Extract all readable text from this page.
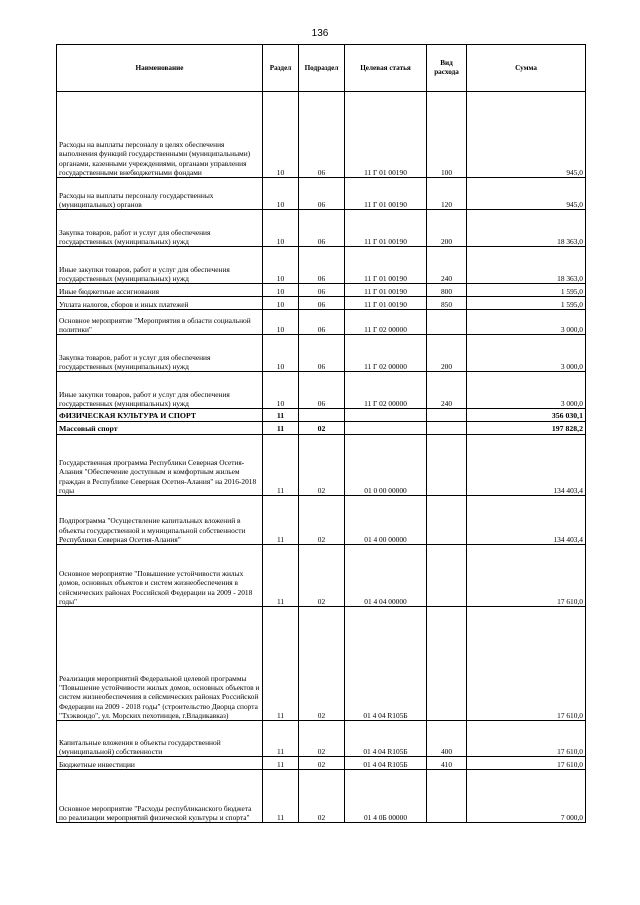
136
Наименование	Раздел	Подраздел	Целевая статья	Вид расхода	Сумма
Расходы на выплаты персоналу в целях обеспечения выполнения функций государственными (муниципальными) органами, казенными учреждениями, органами управления государственными внебюджетными фондами	10	06	11 Г 01 00190	100	945,0
Расходы на выплаты персоналу государственных (муниципальных) органов	10	06	11 Г 01 00190	120	945,0
Закупка товаров, работ и услуг для обеспечения государственных (муниципальных) нужд	10	06	11 Г 01 00190	200	18 363,0
Иные закупки товаров, работ и услуг для обеспечения государственных (муниципальных) нужд	10	06	11 Г 01 00190	240	18 363,0
Иные бюджетные ассигнования	10	06	11 Г 01 00190	800	1 595,0
Уплата налогов, сборов и иных платежей	10	06	11 Г 01 00190	850	1 595,0
Основное мероприятие "Мероприятия в области социальной политики"	10	06	11 Г 02 00000		3 000,0
Закупка товаров, работ и услуг для обеспечения государственных (муниципальных) нужд	10	06	11 Г 02 00000	200	3 000,0
Иные закупки товаров, работ и услуг для обеспечения государственных (муниципальных) нужд	10	06	11 Г 02 00000	240	3 000,0
ФИЗИЧЕСКАЯ КУЛЬТУРА И СПОРТ	11				356 030,1
Массовый спорт	11	02			197 828,2
Государственная программа Республики Северная Осетия-Алания "Обеспечение доступным и комфортным жильем граждан в Республике Северная Осетия-Алания" на 2016-2018 годы	11	02	01 0 00 00000		134 403,4
Подпрограмма "Осуществление капитальных вложений в объекты государственной и муниципальной собственности Республики Северная Осетия-Алания"	11	02	01 4 00 00000		134 403,4
Основное мероприятие "Повышение устойчивости жилых домов, основных объектов и систем жизнеобеспечения в сейсмических районах Российской Федерации на 2009 - 2018 годы"	11	02	01 4 04 00000		17 610,0
Реализация мероприятий Федеральной целевой программы "Повышение устойчивости жилых домов, основных объектов и систем жизнеобеспечения в сейсмических районах Российской Федерации на 2009 - 2018 годы" (строительство Дворца спорта "Тхэквондо", ул. Морских пехотинцев, г.Владикавказ)	11	02	01 4 04 R105Б		17 610,0
Капитальные вложения в объекты государственной (муниципальной) собственности	11	02	01 4 04 R105Б	400	17 610,0
Бюджетные инвестиции	11	02	01 4 04 R105Б	410	17 610,0
Основное мероприятие "Расходы республиканского бюджета по реализации мероприятий физической культуры и спорта"	11	02	01 4 0Б 00000		7 000,0
